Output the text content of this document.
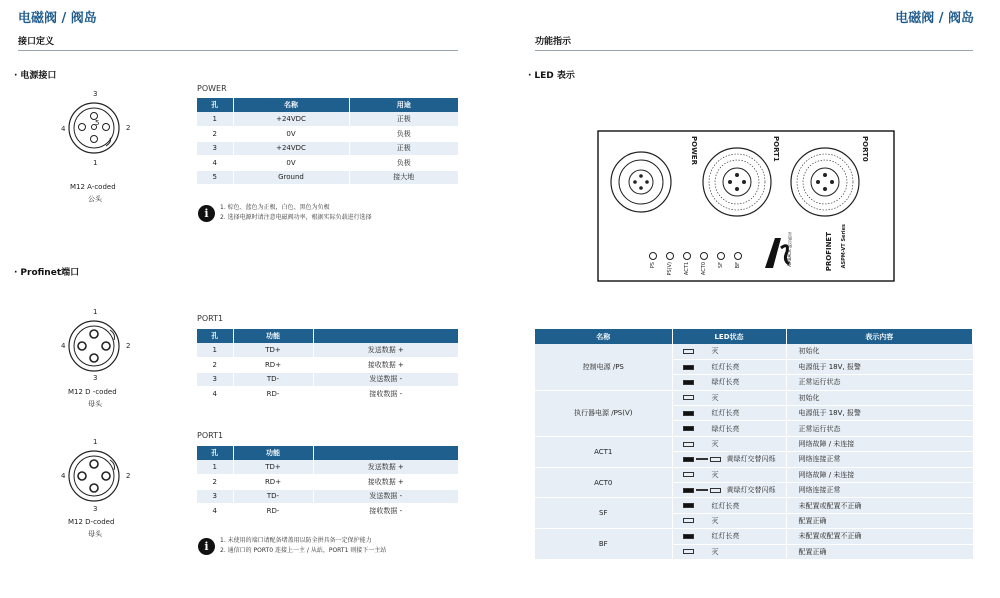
电磁阀 / 阀岛	电磁阀 / 阀岛
接口定义
· 电源接口
3
4
5
2
1
M12 A-coded
公头
POWER
孔	名称	用途
1	+24VDC	正极
2	0V	负极
3	+24VDC	正极
4	0V	负极
5	Ground	接大地
i	1. 棕色、蓝色为正极，白色、黑色为负极
2. 选择电源时请注意电磁阀功率，根据实际负载进行选择
· Profinet端口
1
4	2
3
M12 D -coded
母头
PORT1
孔	功能	
1	TD+	发送数据 +
2	RD+	接收数据 +
3	TD-	发送数据 -
4	RD-	接收数据 -
1
4	2
3
M12 D-coded
母头
PORT1
孔	功能	
1	TD+	发送数据 +
2	RD+	接收数据 +
3	TD-	发送数据 -
4	RD-	接收数据 -
i	1. 未使用的端口请配备堵盖用以防全拼具备一定保护能力
2. 通信口的 PORT0 连接上一主 / 从站，PORT1 则接下一主站
功能指示
· LED 表示
POWER	PORT1	PORT0
PS PS(V) ACT1 ACT0 SF BF	AIRBACK 阿尔斯克	PROFINET ASPM-VT Series
名称	LED状态	表示内容
控制电源 /PS	灭	初始化
	红灯长亮	电源低于 18V, 报警
	绿灯长亮	正常运行状态
执行器电源 /PS(V)	灭	初始化
	红灯长亮	电源低于 18V, 报警
	绿灯长亮	正常运行状态
ACT1	灭	网络故障 / 未连接
	黄绿灯交替闪烁	网络连接正常
ACT0	灭	网络故障 / 未连接
	黄绿灯交替闪烁	网络连接正常
SF	红灯长亮	未配置或配置不正确
	灭	配置正确
BF	红灯长亮	未配置或配置不正确
	灭	配置正确
